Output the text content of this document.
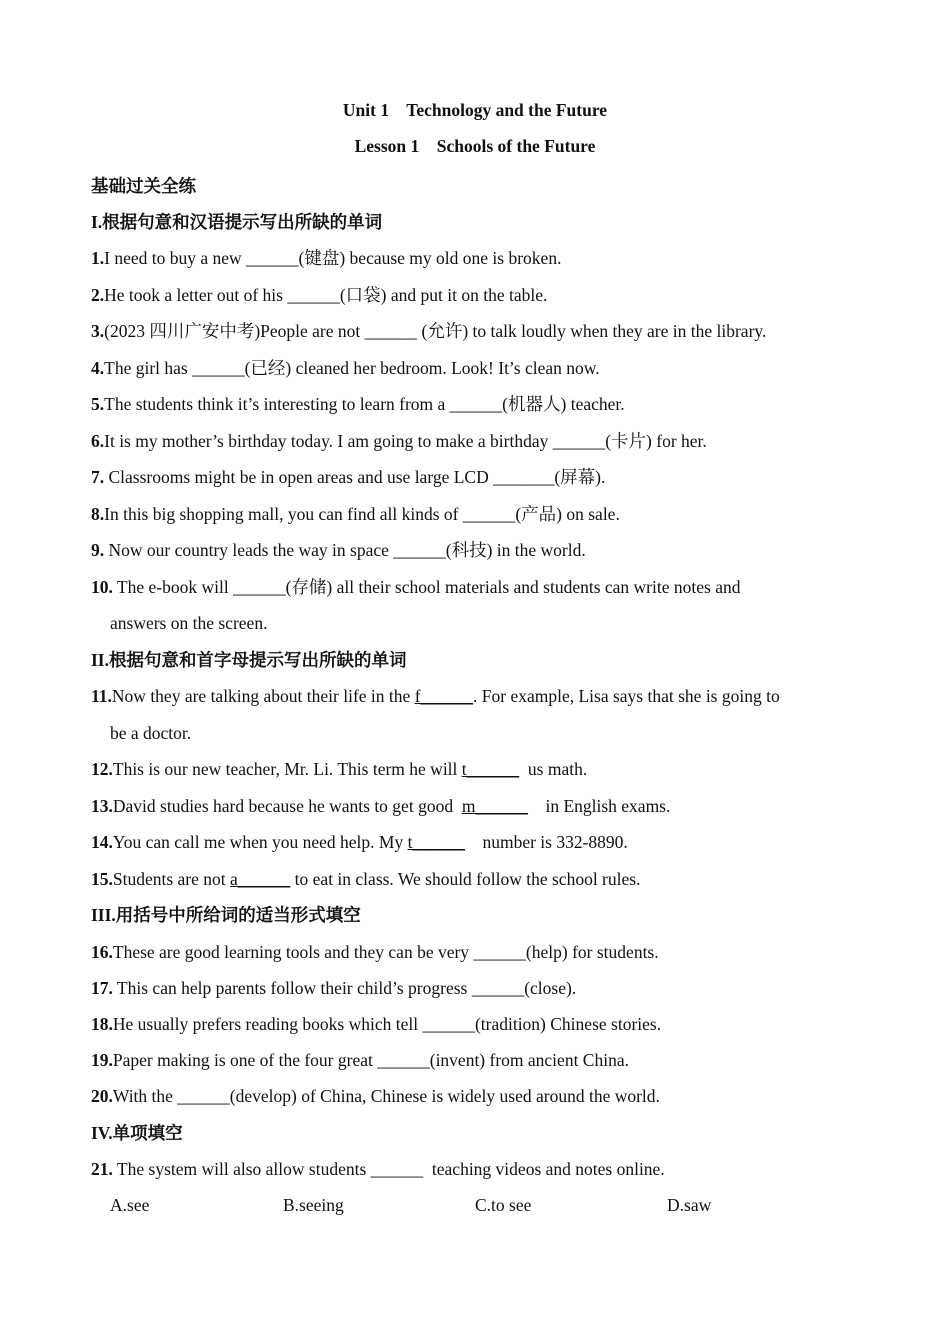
Unit 1    Technology and the Future
Lesson 1    Schools of the Future
基础过关全练
I.根据句意和汉语提示写出所缺的单词
1.I need to buy a new ______(键盘) because my old one is broken.
2.He took a letter out of his ______(口袋) and put it on the table.
3.(2023 四川广安中考)People are not ______ (允许) to talk loudly when they are in the library.
4.The girl has ______(已经) cleaned her bedroom. Look! It’s clean now.
5.The students think it’s interesting to learn from a ______(机器人) teacher.
6.It is my mother’s birthday today. I am going to make a birthday ______(卡片) for her.
7. Classrooms might be in open areas and use large LCD _______(屏幕).
8.In this big shopping mall, you can find all kinds of ______(产品) on sale.
9. Now our country leads the way in space ______(科技) in the world.
10. The e-book will ______(存储) all their school materials and students can write notes and
answers on the screen.
II.根据句意和首字母提示写出所缺的单词
11.Now they are talking about their life in the f______. For example, Lisa says that she is going to
be a doctor.
12.This is our new teacher, Mr. Li. This term he will t______  us math.
13.David studies hard because he wants to get good  m______    in English exams.
14.You can call me when you need help. My t______    number is 332-8890.
15.Students are not a______ to eat in class. We should follow the school rules.
III.用括号中所给词的适当形式填空
16.These are good learning tools and they can be very ______(help) for students.
17. This can help parents follow their child’s progress ______(close).
18.He usually prefers reading books which tell ______(tradition) Chinese stories.
19.Paper making is one of the four great ______(invent) from ancient China.
20.With the ______(develop) of China, Chinese is widely used around the world.
IV.单项填空
21. The system will also allow students ______  teaching videos and notes online.
A.see	B.seeing	C.to see	D.saw
